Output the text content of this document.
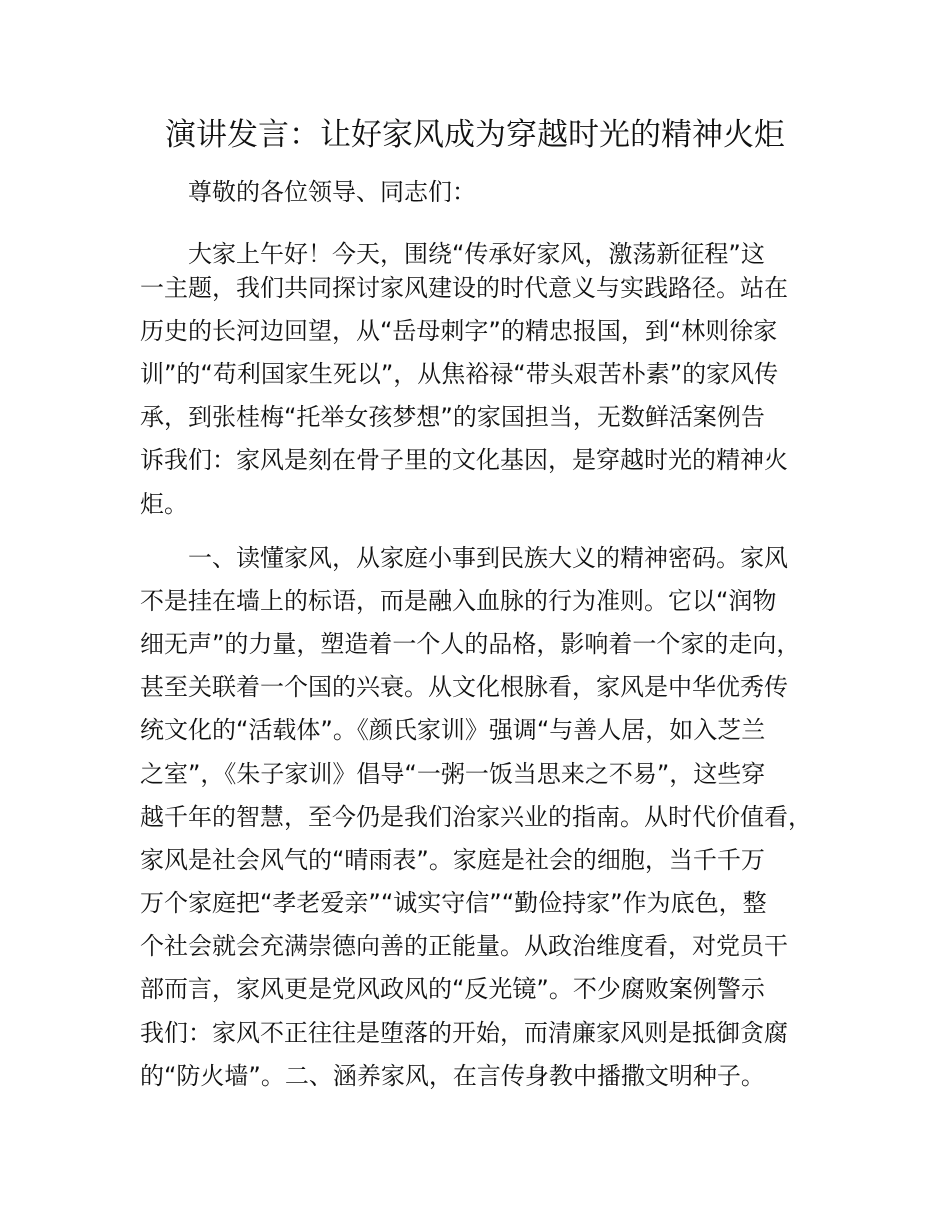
演讲发言：让好家风成为穿越时光的精神火炬
尊敬的各位领导、同志们：
大家上午好！今天，围绕“传承好家风，激荡新征程”这
一主题，我们共同探讨家风建设的时代意义与实践路径。站在
历史的长河边回望，从“岳母刺字”的精忠报国，到“林则徐家
训”的“苟利国家生死以”，从焦裕禄“带头艰苦朴素”的家风传
承，到张桂梅“托举女孩梦想”的家国担当，无数鲜活案例告
诉我们：家风是刻在骨子里的文化基因，是穿越时光的精神火
炬。
一、读懂家风，从家庭小事到民族大义的精神密码。家风
不是挂在墙上的标语，而是融入血脉的行为准则。它以“润物
细无声”的力量，塑造着一个人的品格，影响着一个家的走向，
甚至关联着一个国的兴衰。从文化根脉看，家风是中华优秀传
统文化的“活载体”。《颜氏家训》强调“与善人居，如入芝兰
之室”，《朱子家训》倡导“一粥一饭当思来之不易”，这些穿
越千年的智慧，至今仍是我们治家兴业的指南。从时代价值看，
家风是社会风气的“晴雨表”。家庭是社会的细胞，当千千万
万个家庭把“孝老爱亲”“诚实守信”“勤俭持家”作为底色，整
个社会就会充满崇德向善的正能量。从政治维度看，对党员干
部而言，家风更是党风政风的“反光镜”。不少腐败案例警示
我们：家风不正往往是堕落的开始，而清廉家风则是抵御贪腐
的“防火墙”。二、涵养家风，在言传身教中播撒文明种子。
